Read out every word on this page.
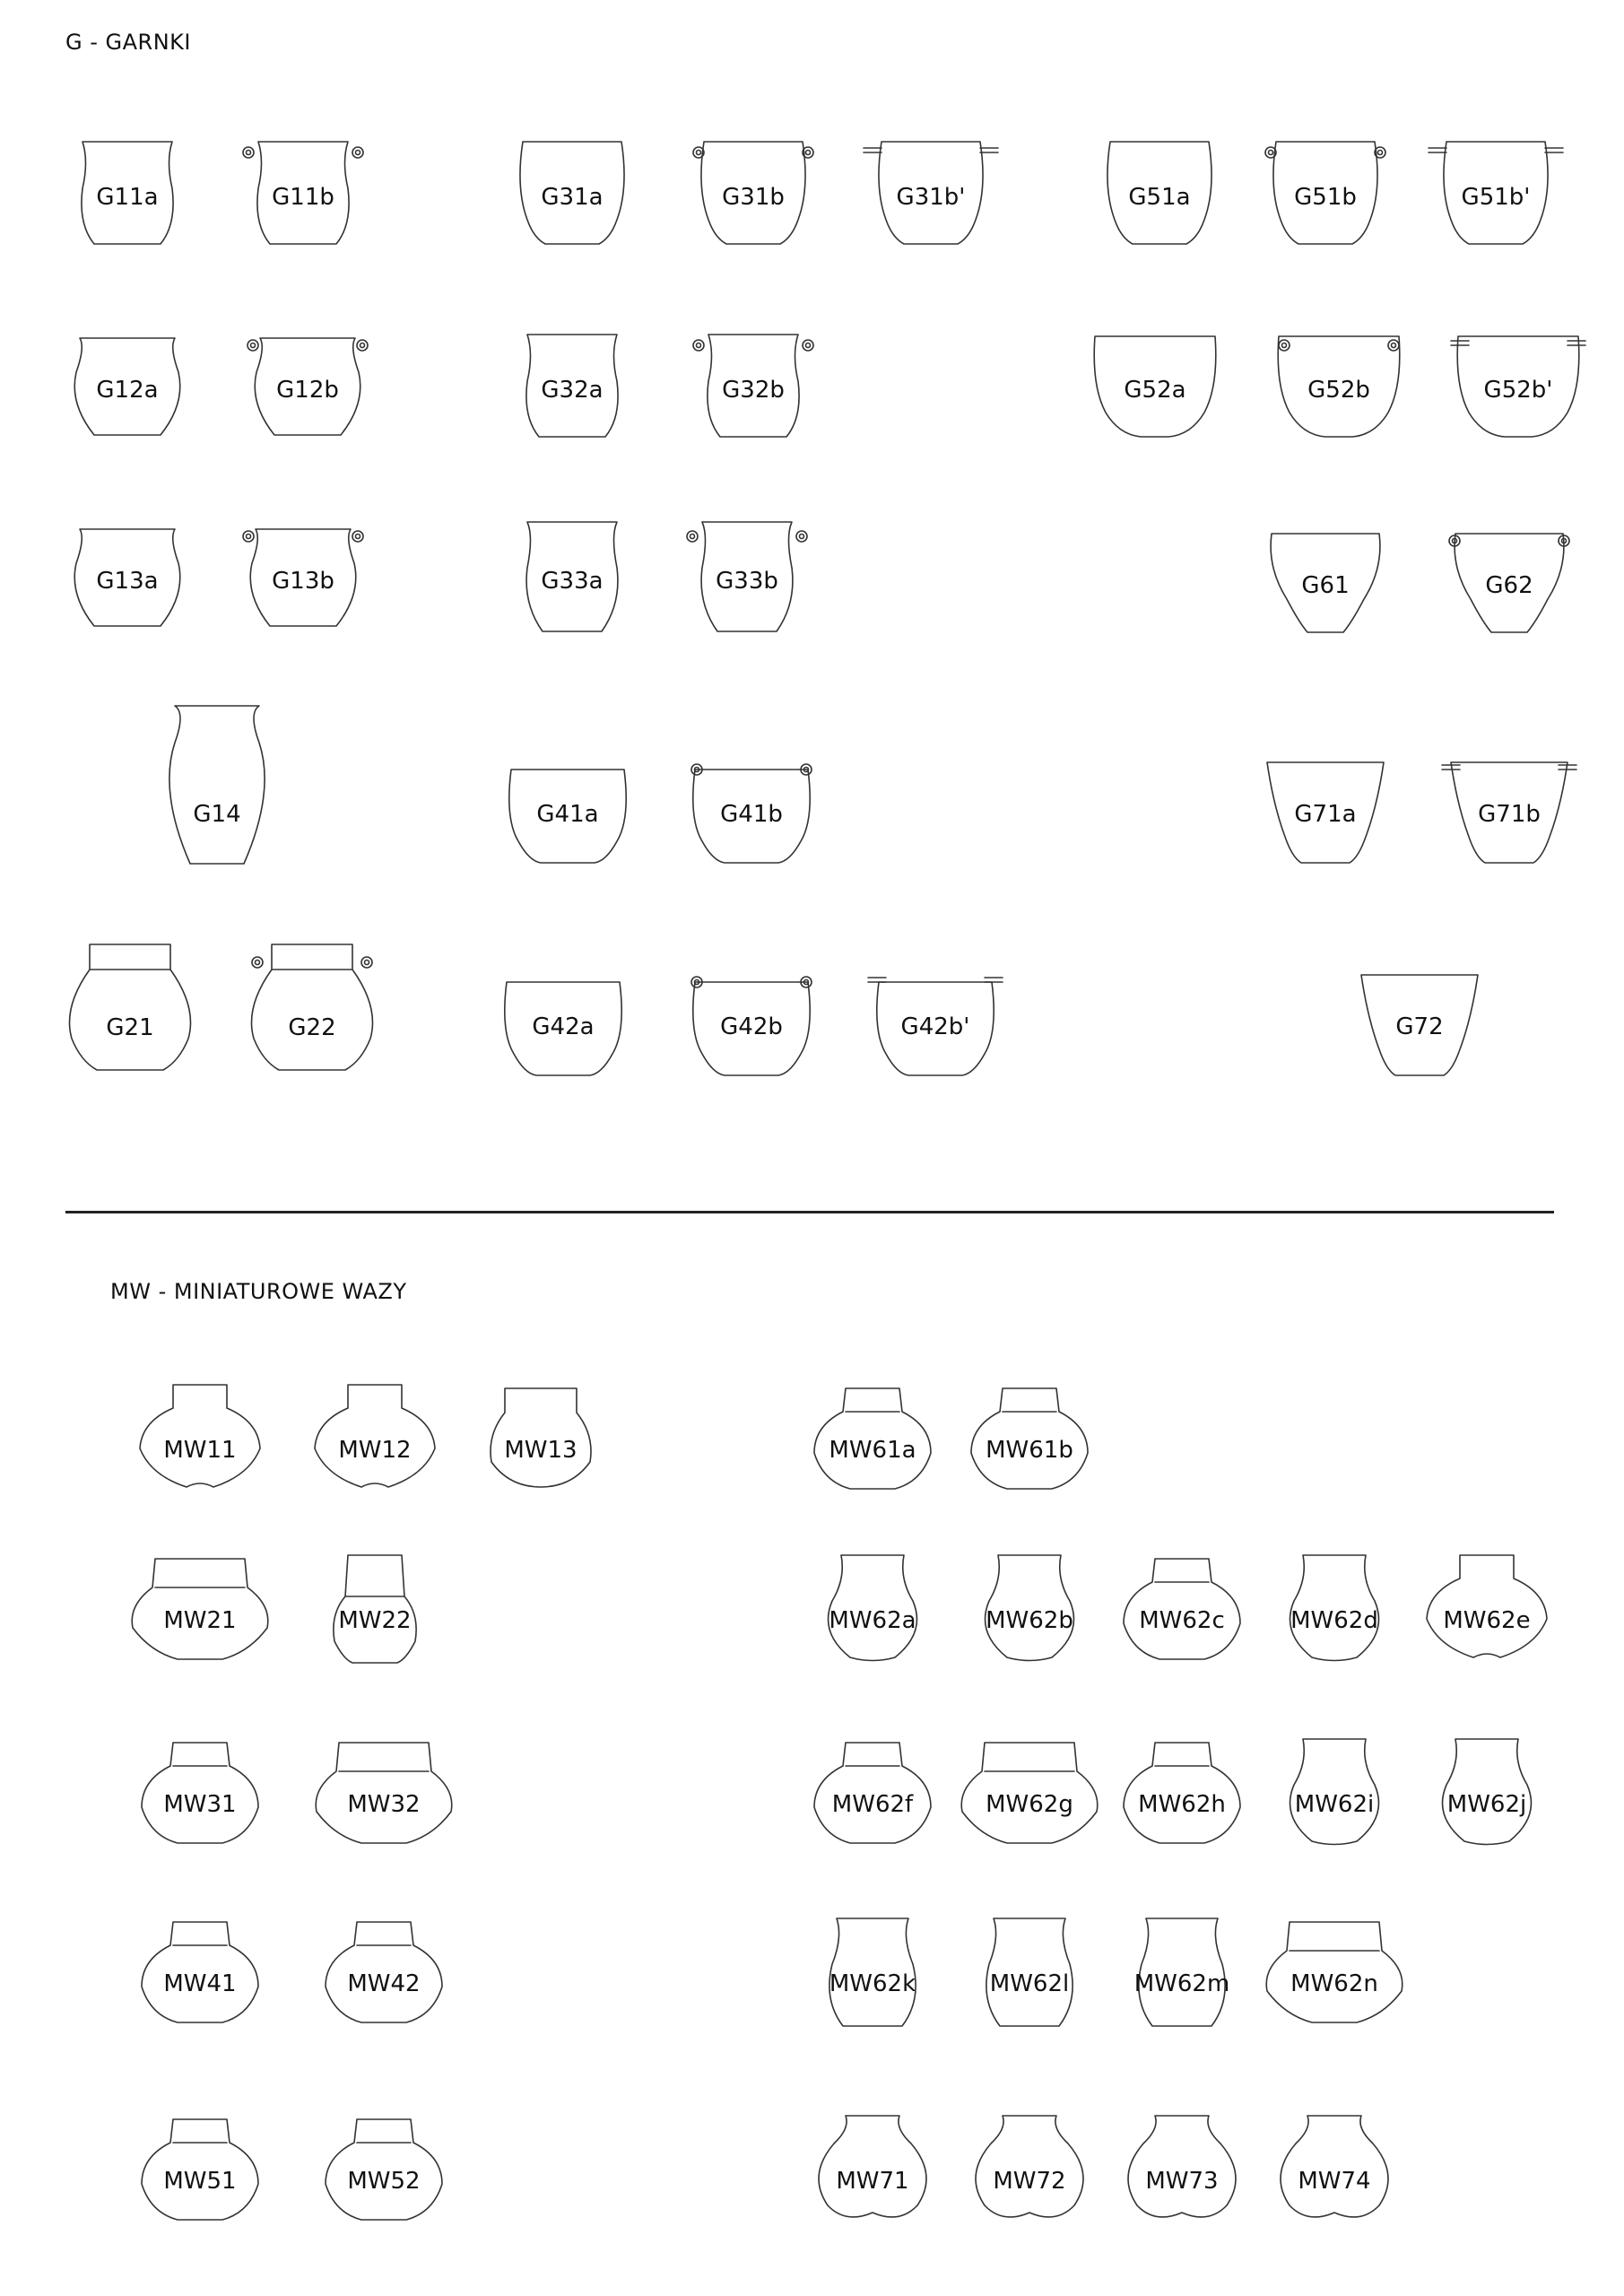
G - GARNKI
G11a	G11b	G31a	G31b	G31b'	G51a	G51b	G51b'
G12a	G12b	G32a	G32b	G52a	G52b	G52b'
G13a	G13b	G33a	G33b	G61	G62
G14	G41a	G41b	G71a	G71b
G21	G22	G42a	G42b	G42b'	G72
MW - MINIATUROWE WAZY
MW11	MW12	MW13	MW61a	MW61b
MW21	MW22	MW62a	MW62b	MW62c	MW62d	MW62e
MW31	MW32	MW62f	MW62g	MW62h	MW62i	MW62j
MW41	MW42	MW62k	MW62l	MW62m	MW62n
MW51	MW52	MW71	MW72	MW73	MW74
